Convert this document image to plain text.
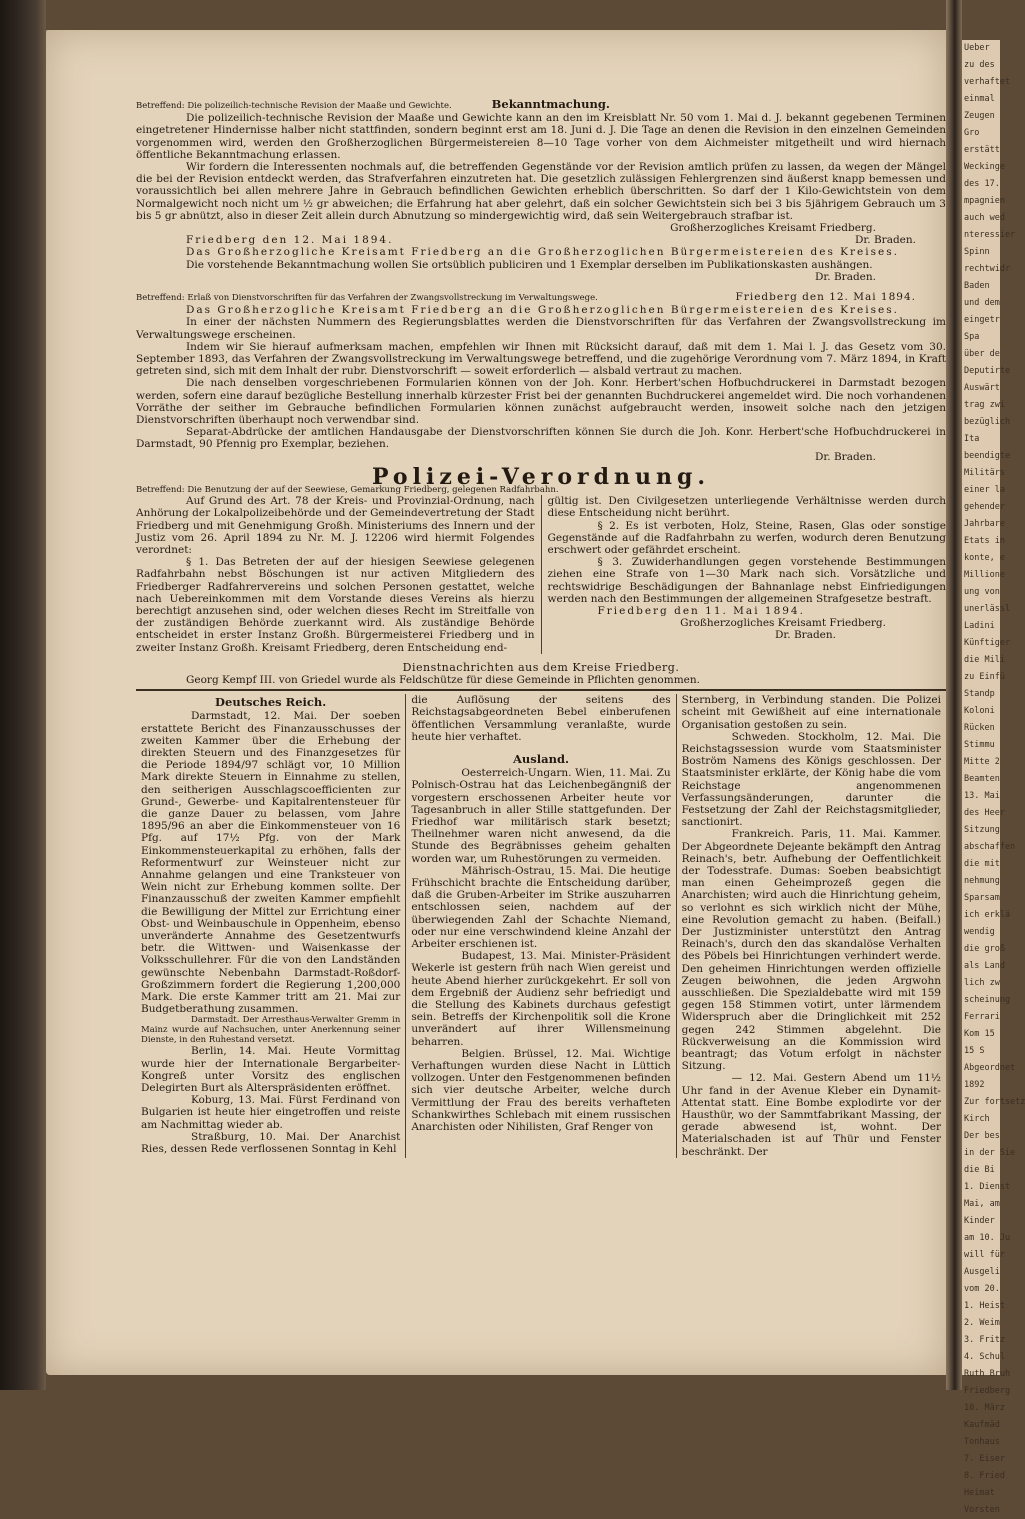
Ueber
zu des
verhaftet
einmal
Zeugen
Gro
erstätt
Weckinge
des 17.
mpagnien
auch wed
nteressier
Spinn
rechtwidr
Baden
und dem
eingetr
Spa
über de
Deputirte
Auswärt
trag zwi
bezüglich
Ita
beendigte
Militärs
einer la
gehender
Jahrbare
Etats in
konte, e
Millione
ung von
unerlässl
Ladini
Künftiger
die Mili
zu Einfü
Standp
Koloni
Rücken
Stimmu
Mitte 2
Beamten
13. Mai
des Heer
Sitzung
abschaffen
die mit
nehmung
Sparsam
ich erklä
wendig
die groß
als Land
lich zw
scheinung
Ferrari
Kom 15
15 S
Abgeordnet
1892
Zur fortsetz
Kirch
Der bes
in der Sie
die Bi
1. Dienst
Mai, am
Kinder
am 10. Ju
will für
Ausgeli
vom 20.
1. Heist
2. Weim
3. Fritz
4. Schul
Ruth Bruh
Friedberg
10. März
Kaufmäd
Tonhaus
7. Eiser
8. Fried
Heimat
Vorsten
Betreffend: Die polizeilich-technische Revision der Maaße und Gewichte.	Bekanntmachung.

Die polizeilich-technische Revision der Maaße und Gewichte kann an den im Kreisblatt Nr. 50 vom 1. Mai d. J. bekannt gegebenen Terminen eingetretener Hindernisse halber nicht stattfinden, sondern beginnt erst am 18. Juni d. J. Die Tage an denen die Revision in den einzelnen Gemeinden vorgenommen wird, werden den Großherzoglichen Bürgermeistereien 8—10 Tage vorher von dem Aichmeister mitgetheilt und wird hiernach öffentliche Bekanntmachung erlassen.

Wir fordern die Interessenten nochmals auf, die betreffenden Gegenstände vor der Revision amtlich prüfen zu lassen, da wegen der Mängel die bei der Revision entdeckt werden, das Strafverfahren einzutreten hat. Die gesetzlich zulässigen Fehlergrenzen sind äußerst knapp bemessen und voraussichtlich bei allen mehrere Jahre in Gebrauch befindlichen Gewichten erheblich überschritten. So darf der 1 Kilo-Gewichtstein von dem Normalgewicht noch nicht um ½ gr abweichen; die Erfahrung hat aber gelehrt, daß ein solcher Gewichtstein sich bei 3 bis 5jährigem Gebrauch um 3 bis 5 gr abnützt, also in dieser Zeit allein durch Abnutzung so mindergewichtig wird, daß sein Weitergebrauch strafbar ist.

Großherzogliches Kreisamt Friedberg.

Friedberg den 12. Mai 1894.	Dr. Braden.

Das Großherzogliche Kreisamt Friedberg an die Großherzoglichen Bürgermeistereien des Kreises.

Die vorstehende Bekanntmachung wollen Sie ortsüblich publiciren und 1 Exemplar derselben im Publikationskasten aushängen.

Dr. Braden.

Betreffend: Erlaß von Dienstvorschriften für das Verfahren der Zwangsvollstreckung im Verwaltungswege.	Friedberg den 12. Mai 1894.

Das Großherzogliche Kreisamt Friedberg an die Großherzoglichen Bürgermeistereien des Kreises.

In einer der nächsten Nummern des Regierungsblattes werden die Dienstvorschriften für das Verfahren der Zwangsvollstreckung im Verwaltungswege erscheinen.

Indem wir Sie hierauf aufmerksam machen, empfehlen wir Ihnen mit Rücksicht darauf, daß mit dem 1. Mai l. J. das Gesetz vom 30. September 1893, das Verfahren der Zwangsvollstreckung im Verwaltungswege betreffend, und die zugehörige Verordnung vom 7. März 1894, in Kraft getreten sind, sich mit dem Inhalt der rubr. Dienstvorschrift — soweit erforderlich — alsbald vertraut zu machen.

Die nach denselben vorgeschriebenen Formularien können von der Joh. Konr. Herbert'schen Hofbuchdruckerei in Darmstadt bezogen werden, sofern eine darauf bezügliche Bestellung innerhalb kürzester Frist bei der genannten Buchdruckerei angemeldet wird. Die noch vorhandenen Vorräthe der seither im Gebrauche befindlichen Formularien können zunächst aufgebraucht werden, insoweit solche nach den jetzigen Dienstvorschriften überhaupt noch verwendbar sind.

Separat-Abdrücke der amtlichen Handausgabe der Dienstvorschriften können Sie durch die Joh. Konr. Herbert'sche Hofbuchdruckerei in Darmstadt, 90 Pfennig pro Exemplar, beziehen.

Dr. Braden.

Polizei-Verordnung.
Betreffend: Die Benutzung der auf der Seewiese, Gemarkung Friedberg, gelegenen Radfahrbahn.

Auf Grund des Art. 78 der Kreis- und Provinzial-Ordnung, nach Anhörung der Lokalpolizeibehörde und der Gemeindevertretung der Stadt Friedberg und mit Genehmigung Großh. Ministeriums des Innern und der Justiz vom 26. April 1894 zu Nr. M. J. 12206 wird hiermit Folgendes verordnet:

§ 1. Das Betreten der auf der hiesigen Seewiese gelegenen Radfahrbahn nebst Böschungen ist nur activen Mitgliedern des Friedberger Radfahrervereins und solchen Personen gestattet, welche nach Uebereinkommen mit dem Vorstande dieses Vereins als hierzu berechtigt anzusehen sind, oder welchen dieses Recht im Streitfalle von der zuständigen Behörde zuerkannt wird. Als zuständige Behörde entscheidet in erster Instanz Großh. Bürgermeisterei Friedberg und in zweiter Instanz Großh. Kreisamt Friedberg, deren Entscheidung end-

gültig ist. Den Civilgesetzen unterliegende Verhältnisse werden durch diese Entscheidung nicht berührt.

§ 2. Es ist verboten, Holz, Steine, Rasen, Glas oder sonstige Gegenstände auf die Radfahrbahn zu werfen, wodurch deren Benutzung erschwert oder gefährdet erscheint.

§ 3. Zuwiderhandlungen gegen vorstehende Bestimmungen ziehen eine Strafe von 1—30 Mark nach sich. Vorsätzliche und rechtswidrige Beschädigungen der Bahnanlage nebst Einfriedigungen werden nach den Bestimmungen der allgemeinen Strafgesetze bestraft.

Friedberg den 11. Mai 1894.

Großherzogliches Kreisamt Friedberg.

Dr. Braden.

Dienstnachrichten aus dem Kreise Friedberg.

Georg Kempf III. von Griedel wurde als Feldschütze für diese Gemeinde in Pflichten genommen.

Deutsches Reich.

Darmstadt, 12. Mai. Der soeben erstattete Bericht des Finanzausschusses der zweiten Kammer über die Erhebung der direkten Steuern und des Finanzgesetzes für die Periode 1894/97 schlägt vor, 10 Million Mark direkte Steuern in Einnahme zu stellen, den seitherigen Ausschlagscoefficienten zur Grund-, Gewerbe- und Kapitalrentensteuer für die ganze Dauer zu belassen, vom Jahre 1895/96 an aber die Einkommensteuer von 16 Pfg. auf 17½ Pfg. von der Mark Einkommensteuerkapital zu erhöhen, falls der Reformentwurf zur Weinsteuer nicht zur Annahme gelangen und eine Tranksteuer von Wein nicht zur Erhebung kommen sollte. Der Finanzausschuß der zweiten Kammer empfiehlt die Bewilligung der Mittel zur Errichtung einer Obst- und Weinbauschule in Oppenheim, ebenso unveränderte Annahme des Gesetzentwurfs betr. die Wittwen- und Waisenkasse der Volksschullehrer. Für die von den Landständen gewünschte Nebenbahn Darmstadt-Roßdorf-Großzimmern fordert die Regierung 1,200,000 Mark. Die erste Kammer tritt am 21. Mai zur Budgetberathung zusammen.

Darmstadt. Der Arresthaus-Verwalter Gremm in Mainz wurde auf Nachsuchen, unter Anerkennung seiner Dienste, in den Ruhestand versetzt.

Berlin, 14. Mai. Heute Vormittag wurde hier der Internationale Bergarbeiter-Kongreß unter Vorsitz des englischen Delegirten Burt als Alterspräsidenten eröffnet.

Koburg, 13. Mai. Fürst Ferdinand von Bulgarien ist heute hier eingetroffen und reiste am Nachmittag wieder ab.

Straßburg, 10. Mai. Der Anarchist Ries, dessen Rede verflossenen Sonntag in Kehl

die Auflösung der seitens des Reichstagsabgeordneten Bebel einberufenen öffentlichen Versammlung veranlaßte, wurde heute hier verhaftet.

Ausland.

Oesterreich-Ungarn. Wien, 11. Mai. Zu Polnisch-Ostrau hat das Leichenbegängniß der vorgestern erschossenen Arbeiter heute vor Tagesanbruch in aller Stille stattgefunden. Der Friedhof war militärisch stark besetzt; Theilnehmer waren nicht anwesend, da die Stunde des Begräbnisses geheim gehalten worden war, um Ruhestörungen zu vermeiden.

Mährisch-Ostrau, 15. Mai. Die heutige Frühschicht brachte die Entscheidung darüber, daß die Gruben-Arbeiter im Strike auszuharren entschlossen seien, nachdem auf der überwiegenden Zahl der Schachte Niemand, oder nur eine verschwindend kleine Anzahl der Arbeiter erschienen ist.

Budapest, 13. Mai. Minister-Präsident Wekerle ist gestern früh nach Wien gereist und heute Abend hierher zurückgekehrt. Er soll von dem Ergebniß der Audienz sehr befriedigt und die Stellung des Kabinets durchaus gefestigt sein. Betreffs der Kirchenpolitik soll die Krone unverändert auf ihrer Willensmeinung beharren.

Belgien. Brüssel, 12. Mai. Wichtige Verhaftungen wurden diese Nacht in Lüttich vollzogen. Unter den Festgenommenen befinden sich vier deutsche Arbeiter, welche durch Vermittlung der Frau des bereits verhafteten Schankwirthes Schlebach mit einem russischen Anarchisten oder Nihilisten, Graf Renger von

Sternberg, in Verbindung standen. Die Polizei scheint mit Gewißheit auf eine internationale Organisation gestoßen zu sein.

Schweden. Stockholm, 12. Mai. Die Reichstagssession wurde vom Staatsminister Boström Namens des Königs geschlossen. Der Staatsminister erklärte, der König habe die vom Reichstage angenommenen Verfassungsänderungen, darunter die Festsetzung der Zahl der Reichstagsmitglieder, sanctionirt.

Frankreich. Paris, 11. Mai. Kammer. Der Abgeordnete Dejeante bekämpft den Antrag Reinach's, betr. Aufhebung der Oeffentlichkeit der Todesstrafe. Dumas: Soeben beabsichtigt man einen Geheimprozeß gegen die Anarchisten; wird auch die Hinrichtung geheim, so verlohnt es sich wirklich nicht der Mühe, eine Revolution gemacht zu haben. (Beifall.) Der Justizminister unterstützt den Antrag Reinach's, durch den das skandalöse Verhalten des Pöbels bei Hinrichtungen verhindert werde. Den geheimen Hinrichtungen werden offizielle Zeugen beiwohnen, die jeden Argwohn ausschließen. Die Spezialdebatte wird mit 159 gegen 158 Stimmen votirt, unter lärmendem Widerspruch aber die Dringlichkeit mit 252 gegen 242 Stimmen abgelehnt. Die Rückverweisung an die Kommission wird beantragt; das Votum erfolgt in nächster Sitzung.

— 12. Mai. Gestern Abend um 11½ Uhr fand in der Avenue Kleber ein Dynamit-Attentat statt. Eine Bombe explodirte vor der Hausthür, wo der Sammtfabrikant Massing, der gerade abwesend ist, wohnt. Der Materialschaden ist auf Thür und Fenster beschränkt. Der
